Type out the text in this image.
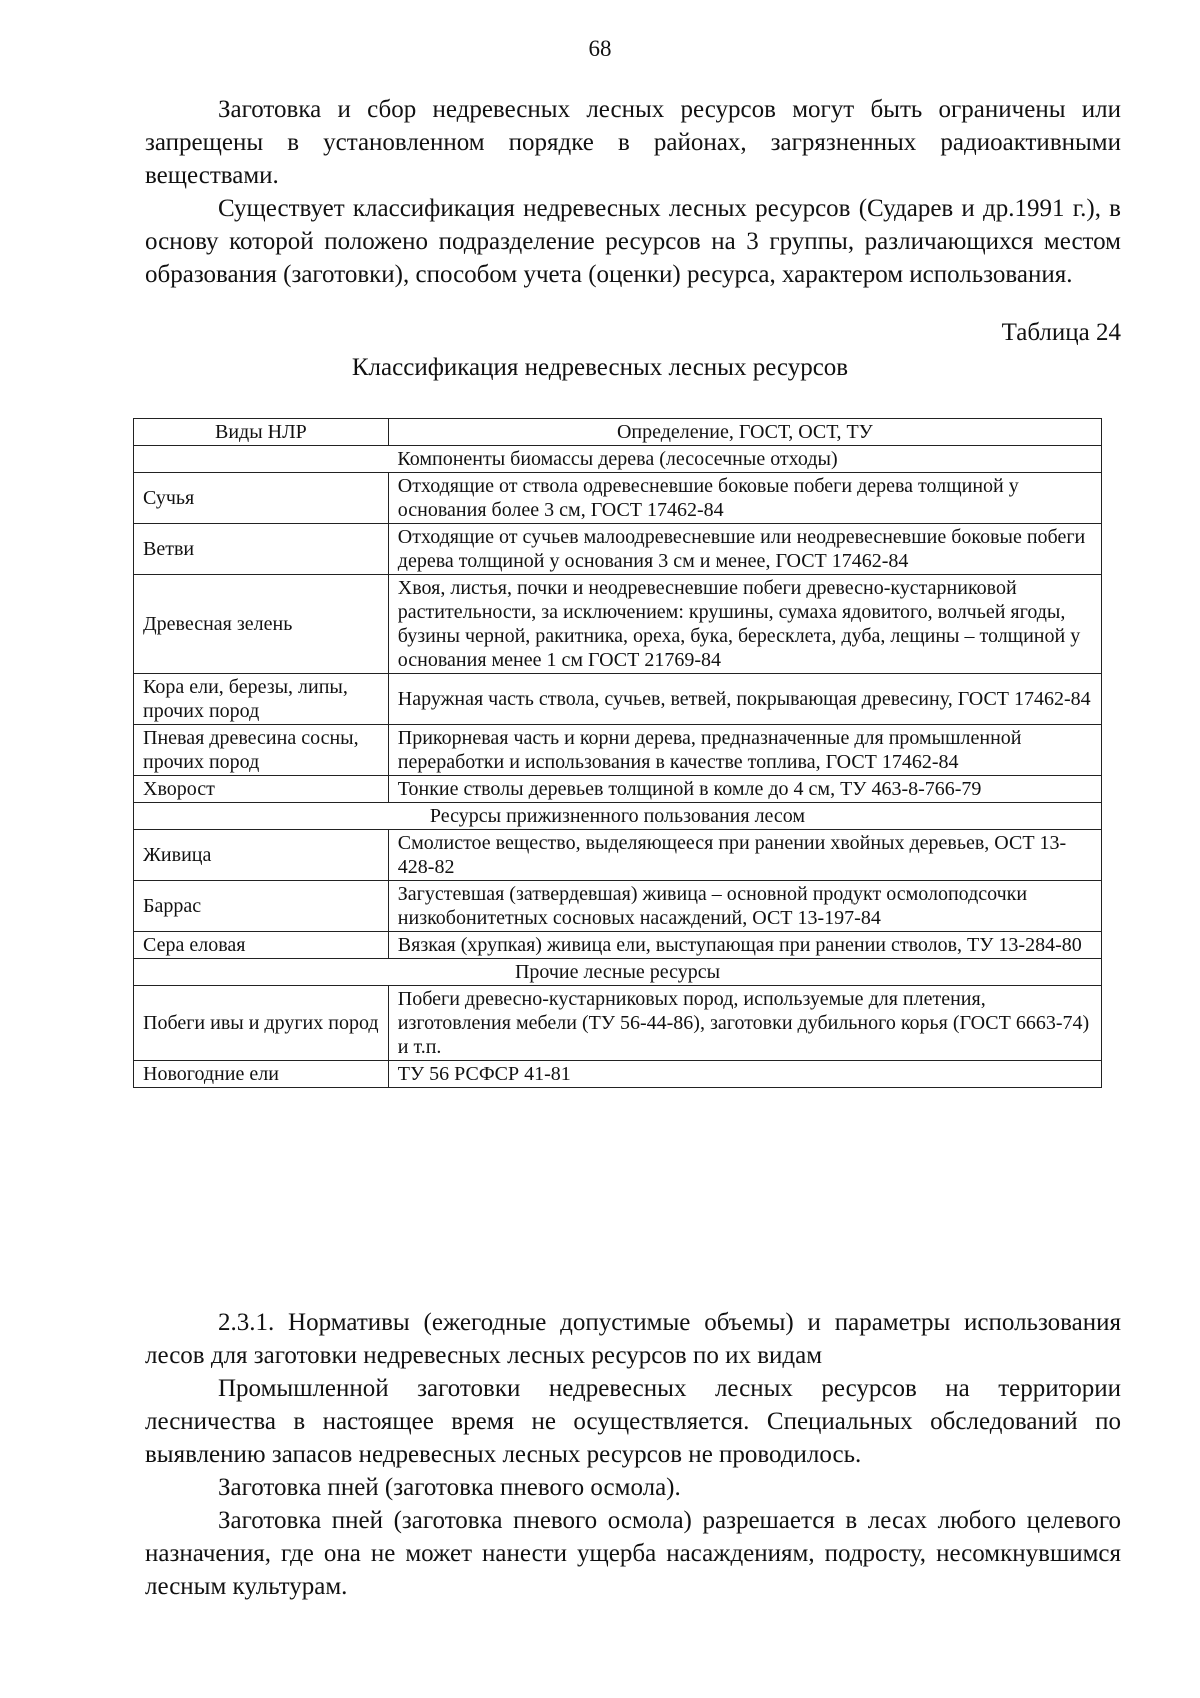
68

Заготовка и сбор недревесных лесных ресурсов могут быть ограничены или запрещены в установленном порядке в районах, загрязненных радиоактивными веществами.

Существует классификация недревесных лесных ресурсов (Сударев и др.1991 г.), в основу которой положено подразделение ресурсов на 3 группы, различающихся местом образования (заготовки), способом учета (оценки) ресурса, характером использования.

Таблица 24
Классификация недревесных лесных ресурсов
Виды НЛР	Определение, ГОСТ, ОСТ, ТУ
Компоненты биомассы дерева (лесосечные отходы)	
Сучья	Отходящие от ствола одревесневшие боковые побеги дерева толщиной у основания более 3 см, ГОСТ 17462-84
Ветви	Отходящие от сучьев малоодревесневшие или неодревесневшие боковые побеги дерева толщиной у основания 3 см и менее, ГОСТ 17462-84
Древесная зелень	Хвоя, листья, почки и неодревесневшие побеги древесно-кустарниковой растительности, за исключением: крушины, сумаха ядовитого, волчьей ягоды, бузины черной, ракитника, ореха, бука, бересклета, дуба, лещины – толщиной у основания менее 1 см ГОСТ 21769-84
Кора ели, березы, липы, прочих пород	Наружная часть ствола, сучьев, ветвей, покрывающая древесину, ГОСТ 17462-84
Пневая древесина сосны, прочих пород	Прикорневая часть и корни дерева, предназначенные для промышленной переработки и использования в качестве топлива, ГОСТ 17462-84
Хворост	Тонкие стволы деревьев толщиной в комле до 4 см, ТУ 463-8-766-79
Ресурсы прижизненного пользования лесом	
Живица	Смолистое вещество, выделяющееся при ранении хвойных деревьев, ОСТ 13-428-82
Баррас	Загустевшая (затвердевшая) живица – основной продукт осмолоподсочки низкобонитетных сосновых насаждений, ОСТ 13-197-84
Сера еловая	Вязкая (хрупкая) живица ели, выступающая при ранении стволов, ТУ 13-284-80
Прочие лесные ресурсы	
Побеги ивы и других пород	Побеги древесно-кустарниковых пород, используемые для плетения, изготовления мебели (ТУ 56-44-86), заготовки дубильного корья (ГОСТ 6663-74) и т.п.
Новогодние ели	ТУ 56 РСФСР 41-81

2.3.1. Нормативы (ежегодные допустимые объемы) и параметры использования лесов для заготовки недревесных лесных ресурсов по их видам

Промышленной заготовки недревесных лесных ресурсов на территории лесничества в настоящее время не осуществляется. Специальных обследований по выявлению запасов недревесных лесных ресурсов не проводилось.

Заготовка пней (заготовка пневого осмола).

Заготовка пней (заготовка пневого осмола) разрешается в лесах любого целевого назначения, где она не может нанести ущерба насаждениям, подросту, несомкнувшимся лесным культурам.
